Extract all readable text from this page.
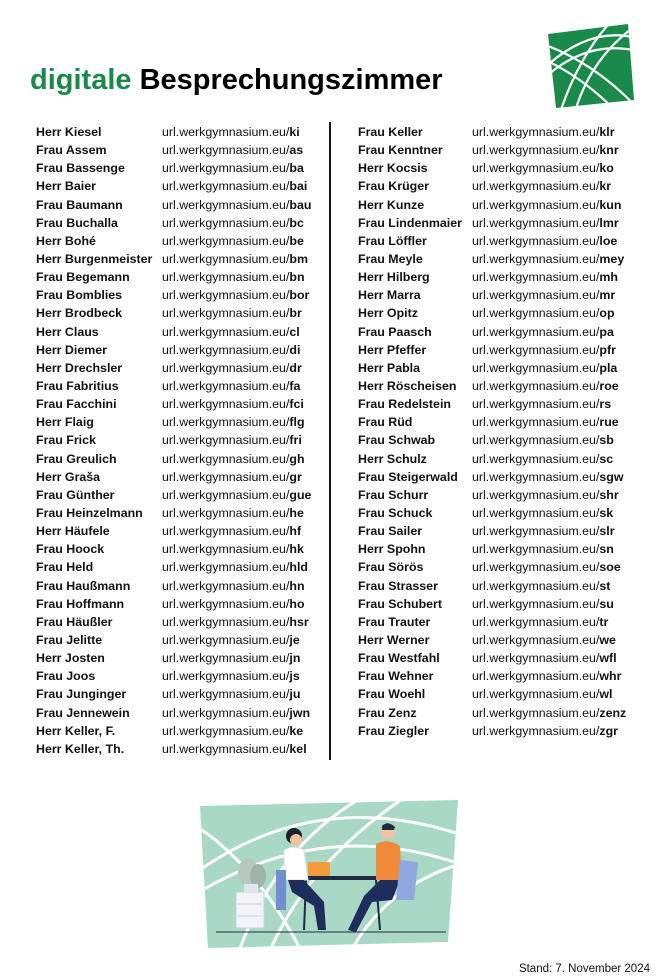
digitale Besprechungszimmer
Herr Kiesel	url.werkgymnasium.eu/ki
Frau Assem	url.werkgymnasium.eu/as
Frau Bassenge	url.werkgymnasium.eu/ba
Herr Baier	url.werkgymnasium.eu/bai
Frau Baumann	url.werkgymnasium.eu/bau
Frau Buchalla	url.werkgymnasium.eu/bc
Herr Bohé	url.werkgymnasium.eu/be
Herr Burgenmeister url.werkgymnasium.eu/bm
Frau Begemann	url.werkgymnasium.eu/bn
Frau Bomblies	url.werkgymnasium.eu/bor
Herr Brodbeck	url.werkgymnasium.eu/br
Herr Claus	url.werkgymnasium.eu/cl
Herr Diemer	url.werkgymnasium.eu/di
Herr Drechsler	url.werkgymnasium.eu/dr
Frau Fabritius	url.werkgymnasium.eu/fa
Frau Facchini	url.werkgymnasium.eu/fci
Herr Flaig	url.werkgymnasium.eu/flg
Frau Frick	url.werkgymnasium.eu/fri
Frau Greulich	url.werkgymnasium.eu/gh
Herr Graša	url.werkgymnasium.eu/gr
Frau Günther	url.werkgymnasium.eu/gue
Frau Heinzelmann	url.werkgymnasium.eu/he
Herr Häufele	url.werkgymnasium.eu/hf
Frau Hoock	url.werkgymnasium.eu/hk
Frau Held	url.werkgymnasium.eu/hld
Frau Haußmann	url.werkgymnasium.eu/hn
Frau Hoffmann	url.werkgymnasium.eu/ho
Frau Häußler	url.werkgymnasium.eu/hsr
Frau Jelitte	url.werkgymnasium.eu/je
Herr Josten	url.werkgymnasium.eu/jn
Frau Joos	url.werkgymnasium.eu/js
Frau Junginger	url.werkgymnasium.eu/ju
Frau Jennewein	url.werkgymnasium.eu/jwn
Herr Keller, F.	url.werkgymnasium.eu/ke
Herr Keller, Th.	url.werkgymnasium.eu/kel
Frau Keller	url.werkgymnasium.eu/klr
Frau Kenntner	url.werkgymnasium.eu/knr
Herr Kocsis	url.werkgymnasium.eu/ko
Frau Krüger	url.werkgymnasium.eu/kr
Herr Kunze	url.werkgymnasium.eu/kun
Frau Lindenmaier url.werkgymnasium.eu/lmr
Frau Löffler	url.werkgymnasium.eu/loe
Frau Meyle	url.werkgymnasium.eu/mey
Herr Hilberg	url.werkgymnasium.eu/mh
Herr Marra	url.werkgymnasium.eu/mr
Herr Opitz	url.werkgymnasium.eu/op
Frau Paasch	url.werkgymnasium.eu/pa
Herr Pfeffer	url.werkgymnasium.eu/pfr
Herr Pabla	url.werkgymnasium.eu/pla
Herr Röscheisen	url.werkgymnasium.eu/roe
Frau Redelstein	url.werkgymnasium.eu/rs
Frau Rüd	url.werkgymnasium.eu/rue
Frau Schwab	url.werkgymnasium.eu/sb
Herr Schulz	url.werkgymnasium.eu/sc
Frau Steigerwald	url.werkgymnasium.eu/sgw
Frau Schurr	url.werkgymnasium.eu/shr
Frau Schuck	url.werkgymnasium.eu/sk
Frau Sailer	url.werkgymnasium.eu/slr
Herr Spohn	url.werkgymnasium.eu/sn
Frau Sörös	url.werkgymnasium.eu/soe
Frau Strasser	url.werkgymnasium.eu/st
Frau Schubert	url.werkgymnasium.eu/su
Frau Trauter	url.werkgymnasium.eu/tr
Herr Werner	url.werkgymnasium.eu/we
Frau Westfahl	url.werkgymnasium.eu/wfl
Frau Wehner	url.werkgymnasium.eu/whr
Frau Woehl	url.werkgymnasium.eu/wl
Frau Zenz	url.werkgymnasium.eu/zenz
Frau Ziegler	url.werkgymnasium.eu/zgr
Stand: 7. November 2024
